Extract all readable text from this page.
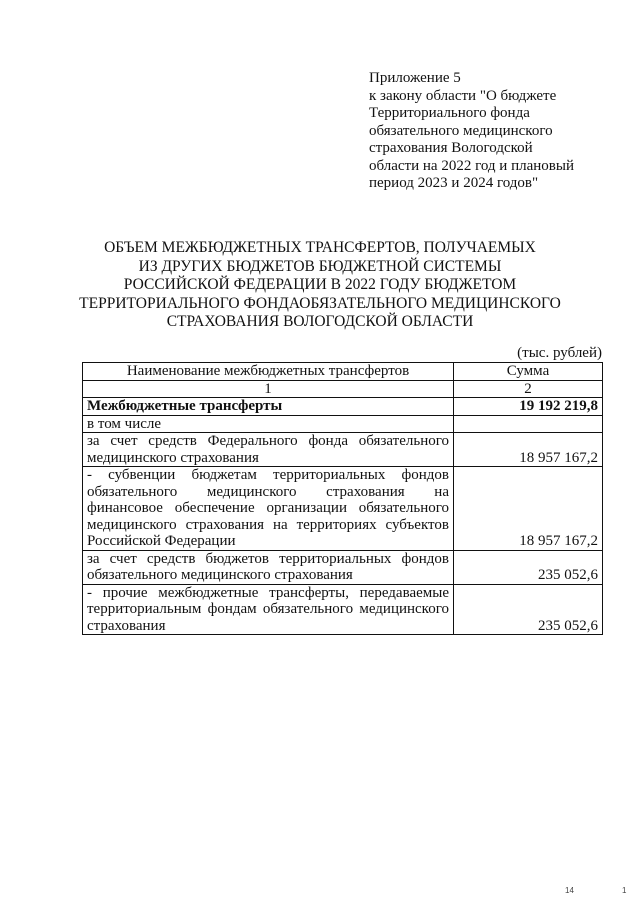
Приложение 5
к закону области "О бюджете
Территориального фонда
обязательного медицинского
страхования Вологодской
области на 2022 год и плановый
период 2023 и 2024 годов"
ОБЪЕМ МЕЖБЮДЖЕТНЫХ ТРАНСФЕРТОВ, ПОЛУЧАЕМЫХ
ИЗ ДРУГИХ БЮДЖЕТОВ БЮДЖЕТНОЙ СИСТЕМЫ
РОССИЙСКОЙ ФЕДЕРАЦИИ В 2022 ГОДУ БЮДЖЕТОМ
ТЕРРИТОРИАЛЬНОГО ФОНДАОБЯЗАТЕЛЬНОГО МЕДИЦИНСКОГО
СТРАХОВАНИЯ ВОЛОГОДСКОЙ ОБЛАСТИ
(тыс. рублей)
Наименование межбюджетных трансфертов	Сумма
1	2
Межбюджетные трансферты	19 192 219,8
в том числе	
за счет средств Федерального фонда обязательного медицинского страхования	18 957 167,2
- субвенции бюджетам территориальных фондов обязательного медицинского страхования на финансовое обеспечение организации обязательного медицинского страхования на территориях субъектов Российской Федерации	18 957 167,2
за счет средств бюджетов территориальных фондов обязательного медицинского страхования	235 052,6
- прочие межбюджетные трансферты, передаваемые территориальным фондам обязательного медицинского страхования	235 052,6
14	1
